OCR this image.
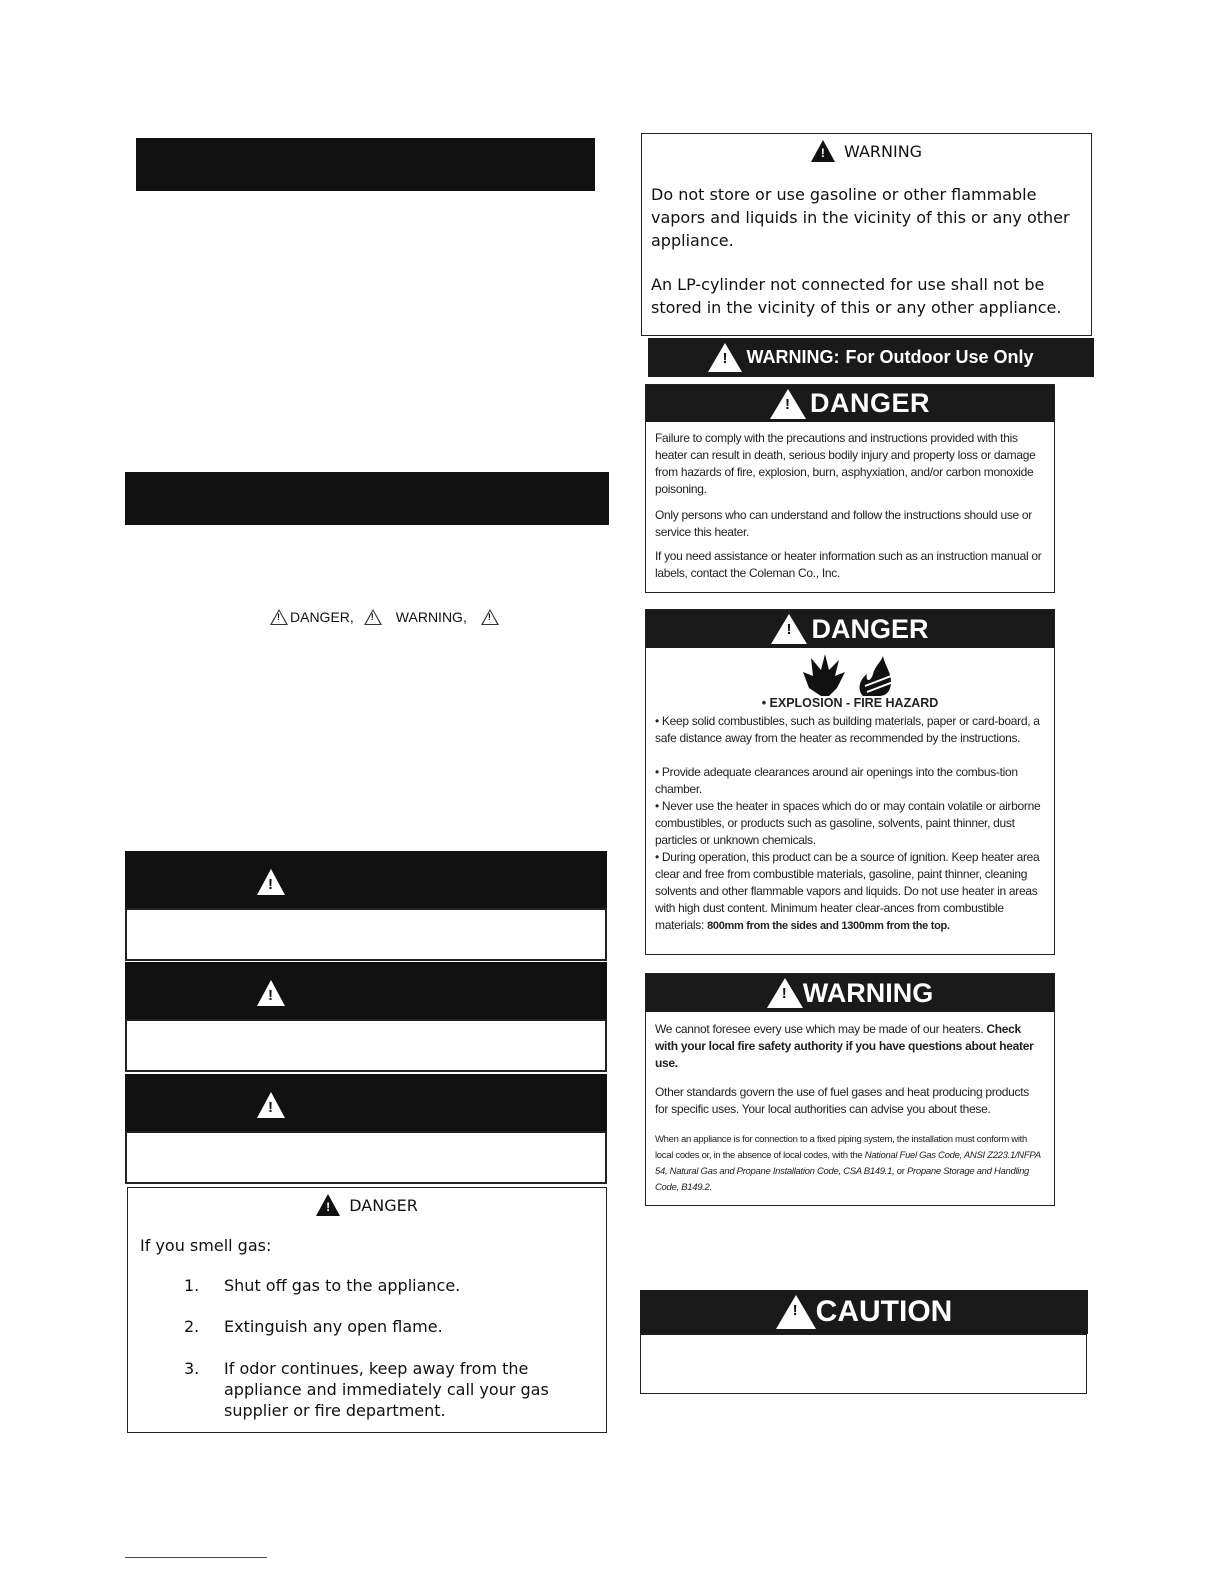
!
DANGER,
!	WARNING,
!
!
!
!
! DANGER
If you smell gas:
1.	Shut off gas to the appliance.
2.	Extinguish any open flame.
3.	If odor continues, keep away from the appliance and immediately call your gas supplier or fire department.
! WARNING

Do not store or use gasoline or other flammable vapors and liquids in the vicinity of this or any other appliance.

An LP-cylinder not connected for use shall not be stored in the vicinity of this or any other appliance.

!
WARNING: For Outdoor Use Only
!
DANGER

Failure to comply with the precautions and instructions provided with this heater can result in death, serious bodily injury and property loss or damage from hazards of fire, explosion, burn, asphyxiation, and/or carbon monoxide poisoning.

Only persons who can understand and follow the instructions should use or service this heater.

If you need assistance or heater information such as an instruction manual or labels, contact the Coleman Co., Inc.

!
DANGER
• EXPLOSION - FIRE HAZARD

• Keep solid combustibles, such as building materials, paper or card-board, a safe distance away from the heater as recommended by the instructions.

• Provide adequate clearances around air openings into the combus-tion chamber.

• Never use the heater in spaces which do or may contain volatile or airborne combustibles, or products such as gasoline, solvents, paint thinner, dust particles or unknown chemicals.

• During operation, this product can be a source of ignition. Keep heater area clear and free from combustible materials, gasoline, paint thinner, cleaning solvents and other flammable vapors and liquids. Do not use heater in areas with high dust content. Minimum heater clear-ances from combustible materials: 800mm from the sides and 1300mm from the top.

!
WARNING

We cannot foresee every use which may be made of our heaters. Check with your local fire safety authority if you have questions about heater use.

Other standards govern the use of fuel gases and heat producing products for specific uses. Your local authorities can advise you about these.

When an appliance is for connection to a fixed piping system, the installation must conform with local codes or, in the absence of local codes, with the National Fuel Gas Code, ANSI Z223.1/NFPA 54, Natural Gas and Propane Installation Code, CSA B149.1, or Propane Storage and Handling Code, B149.2.

!
CAUTION
